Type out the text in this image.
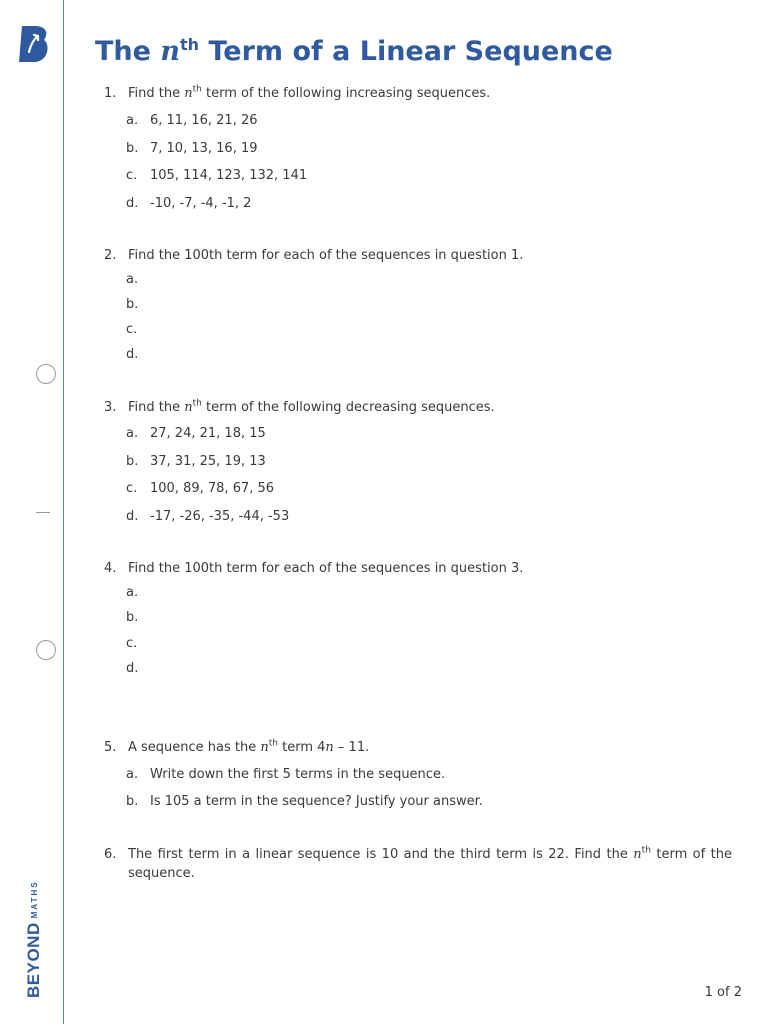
BEYONDMATHS
The $n^{th}$ Term of a Linear Sequence
1. Find the $n^{th}$ term of the following increasing sequences.
a. 6, 11, 16, 21, 26
b. 7, 10, 13, 16, 19
c. 105, 114, 123, 132, 141
d. -10, -7, -4, -1, 2
2. Find the 100th term for each of the sequences in question 1.
a.
b.
c.
d.
3. Find the $n^{th}$ term of the following decreasing sequences.
a. 27, 24, 21, 18, 15
b. 37, 31, 25, 19, 13
c. 100, 89, 78, 67, 56
d. -17, -26, -35, -44, -53
4. Find the 100th term for each of the sequences in question 3.
a.
b.
c.
d.
5. A sequence has the $n^{th}$ term 4n – 11.
a. Write down the first 5 terms in the sequence.
b. Is 105 a term in the sequence? Justify your answer.
6. The first term in a linear sequence is 10 and the third term is 22. Find the $n^{th}$ term of the sequence.
1 of 2
